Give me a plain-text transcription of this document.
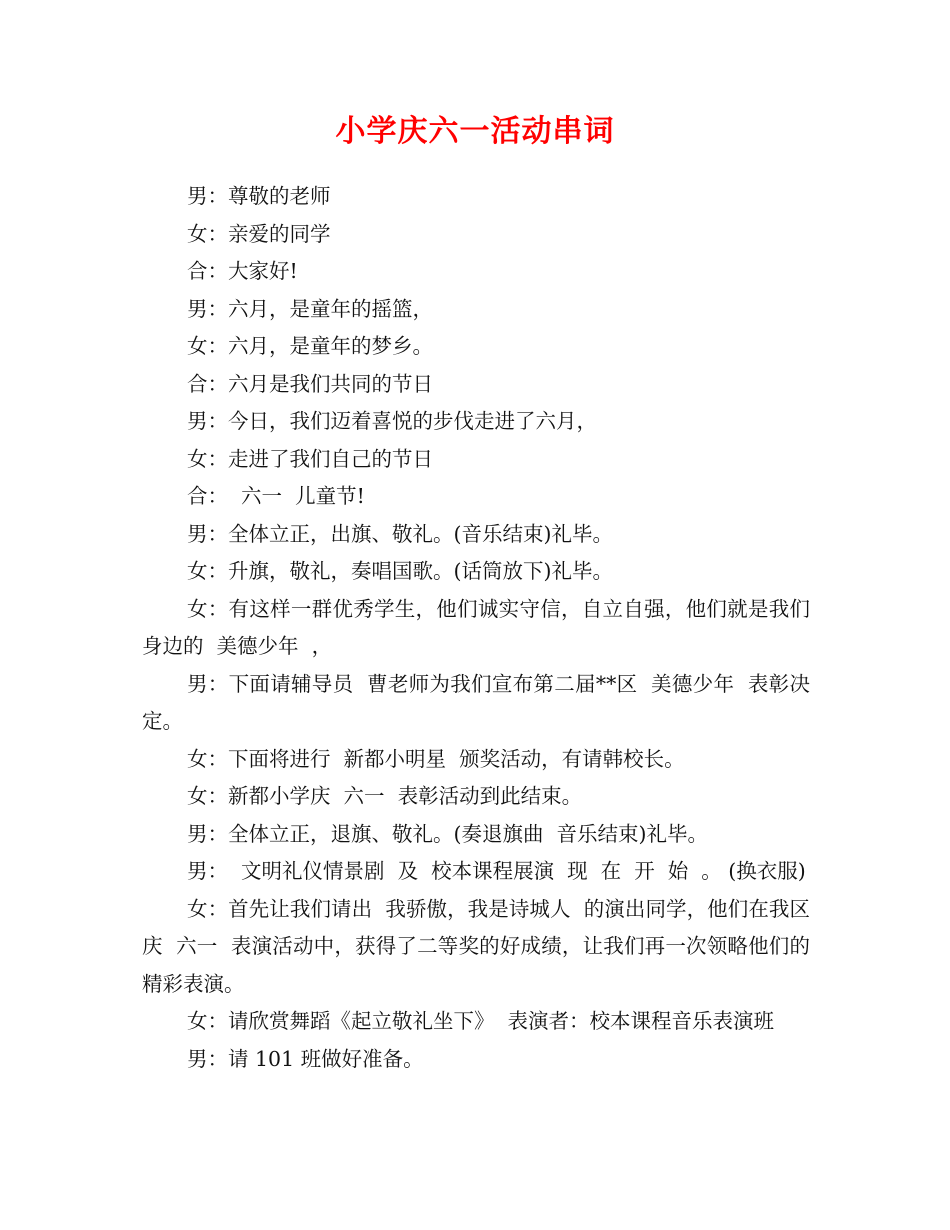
小学庆六一活动串词

男：尊敬的老师

女：亲爱的同学

合：大家好!

男：六月，是童年的摇篮，

女：六月，是童年的梦乡。

合：六月是我们共同的节日

男：今日，我们迈着喜悦的步伐走进了六月，

女：走进了我们自己的节日

合：  六一  儿童节!

男：全体立正，出旗、敬礼。(音乐结束)礼毕。

女：升旗，敬礼，奏唱国歌。(话筒放下)礼毕。

女：有这样一群优秀学生，他们诚实守信，自立自强，他们就是我们身边的  美德少年  ，

男：下面请辅导员  曹老师为我们宣布第二届**区  美德少年  表彰决定。

女：下面将进行  新都小明星  颁奖活动，有请韩校长。

女：新都小学庆  六一  表彰活动到此结束。

男：全体立正，退旗、敬礼。(奏退旗曲  音乐结束)礼毕。

男：  文明礼仪情景剧  及  校本课程展演  现  在  开  始  。 (换衣服)

女：首先让我们请出  我骄傲，我是诗城人  的演出同学，他们在我区庆  六一  表演活动中，获得了二等奖的好成绩，让我们再一次领略他们的精彩表演。

女：请欣赏舞蹈《起立敬礼坐下》  表演者：校本课程音乐表演班

男：请 101 班做好准备。
